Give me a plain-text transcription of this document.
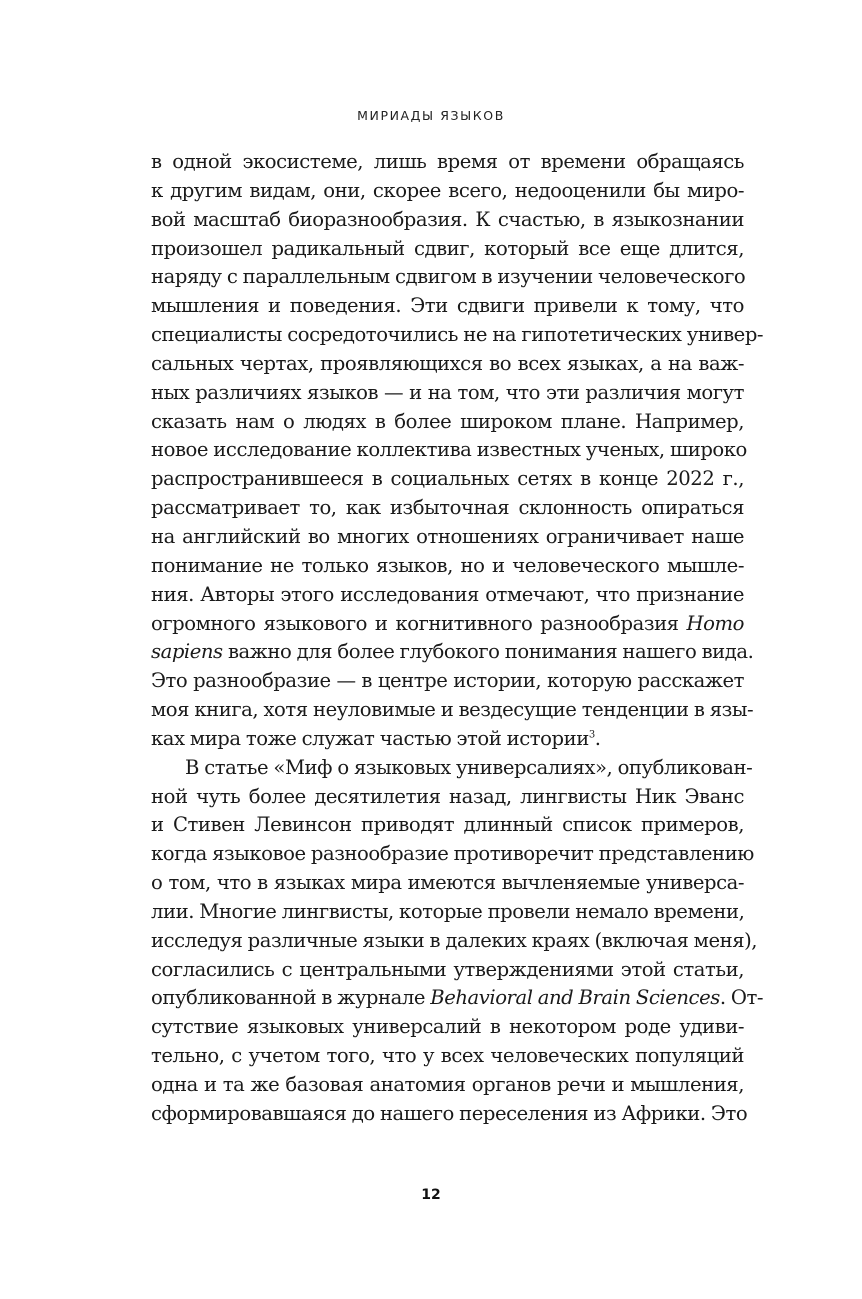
МИРИАДЫ ЯЗЫКОВ
в одной экосистеме, лишь время от времени обращаясь
к другим видам, они, скорее всего, недооценили бы миро-
вой масштаб биоразнообразия. К счастью, в языкознании
произошел радикальный сдвиг, который все еще длится,
наряду с параллельным сдвигом в изучении человеческого
мышления и поведения. Эти сдвиги привели к тому, что
специалисты сосредоточились не на гипотетических универ-
сальных чертах, проявляющихся во всех языках, а на важ-
ных различиях языков — и на том, что эти различия могут
сказать нам о людях в более широком плане. Например,
новое исследование коллектива известных ученых, широко
распространившееся в социальных сетях в конце 2022 г.,
рассматривает то, как избыточная склонность опираться
на английский во многих отношениях ограничивает наше
понимание не только языков, но и человеческого мышле-
ния. Авторы этого исследования отмечают, что признание
огромного языкового и когнитивного разнообразия Homo
sapiens важно для более глубокого понимания нашего вида.
Это разнообразие — в центре истории, которую расскажет
моя книга, хотя неуловимые и вездесущие тенденции в язы-
ках мира тоже служат частью этой истории$^3$.
В статье «Миф о языковых универсалиях», опубликован-
ной чуть более десятилетия назад, лингвисты Ник Эванс
и Стивен Левинсон приводят длинный список примеров,
когда языковое разнообразие противоречит представлению
о том, что в языках мира имеются вычленяемые универса-
лии. Многие лингвисты, которые провели немало времени,
исследуя различные языки в далеких краях (включая меня),
согласились с центральными утверждениями этой статьи,
опубликованной в журнале Behavioral and Brain Sciences. От-
сутствие языковых универсалий в некотором роде удиви-
тельно, с учетом того, что у всех человеческих популяций
одна и та же базовая анатомия органов речи и мышления,
сформировавшаяся до нашего переселения из Африки. Это
12
